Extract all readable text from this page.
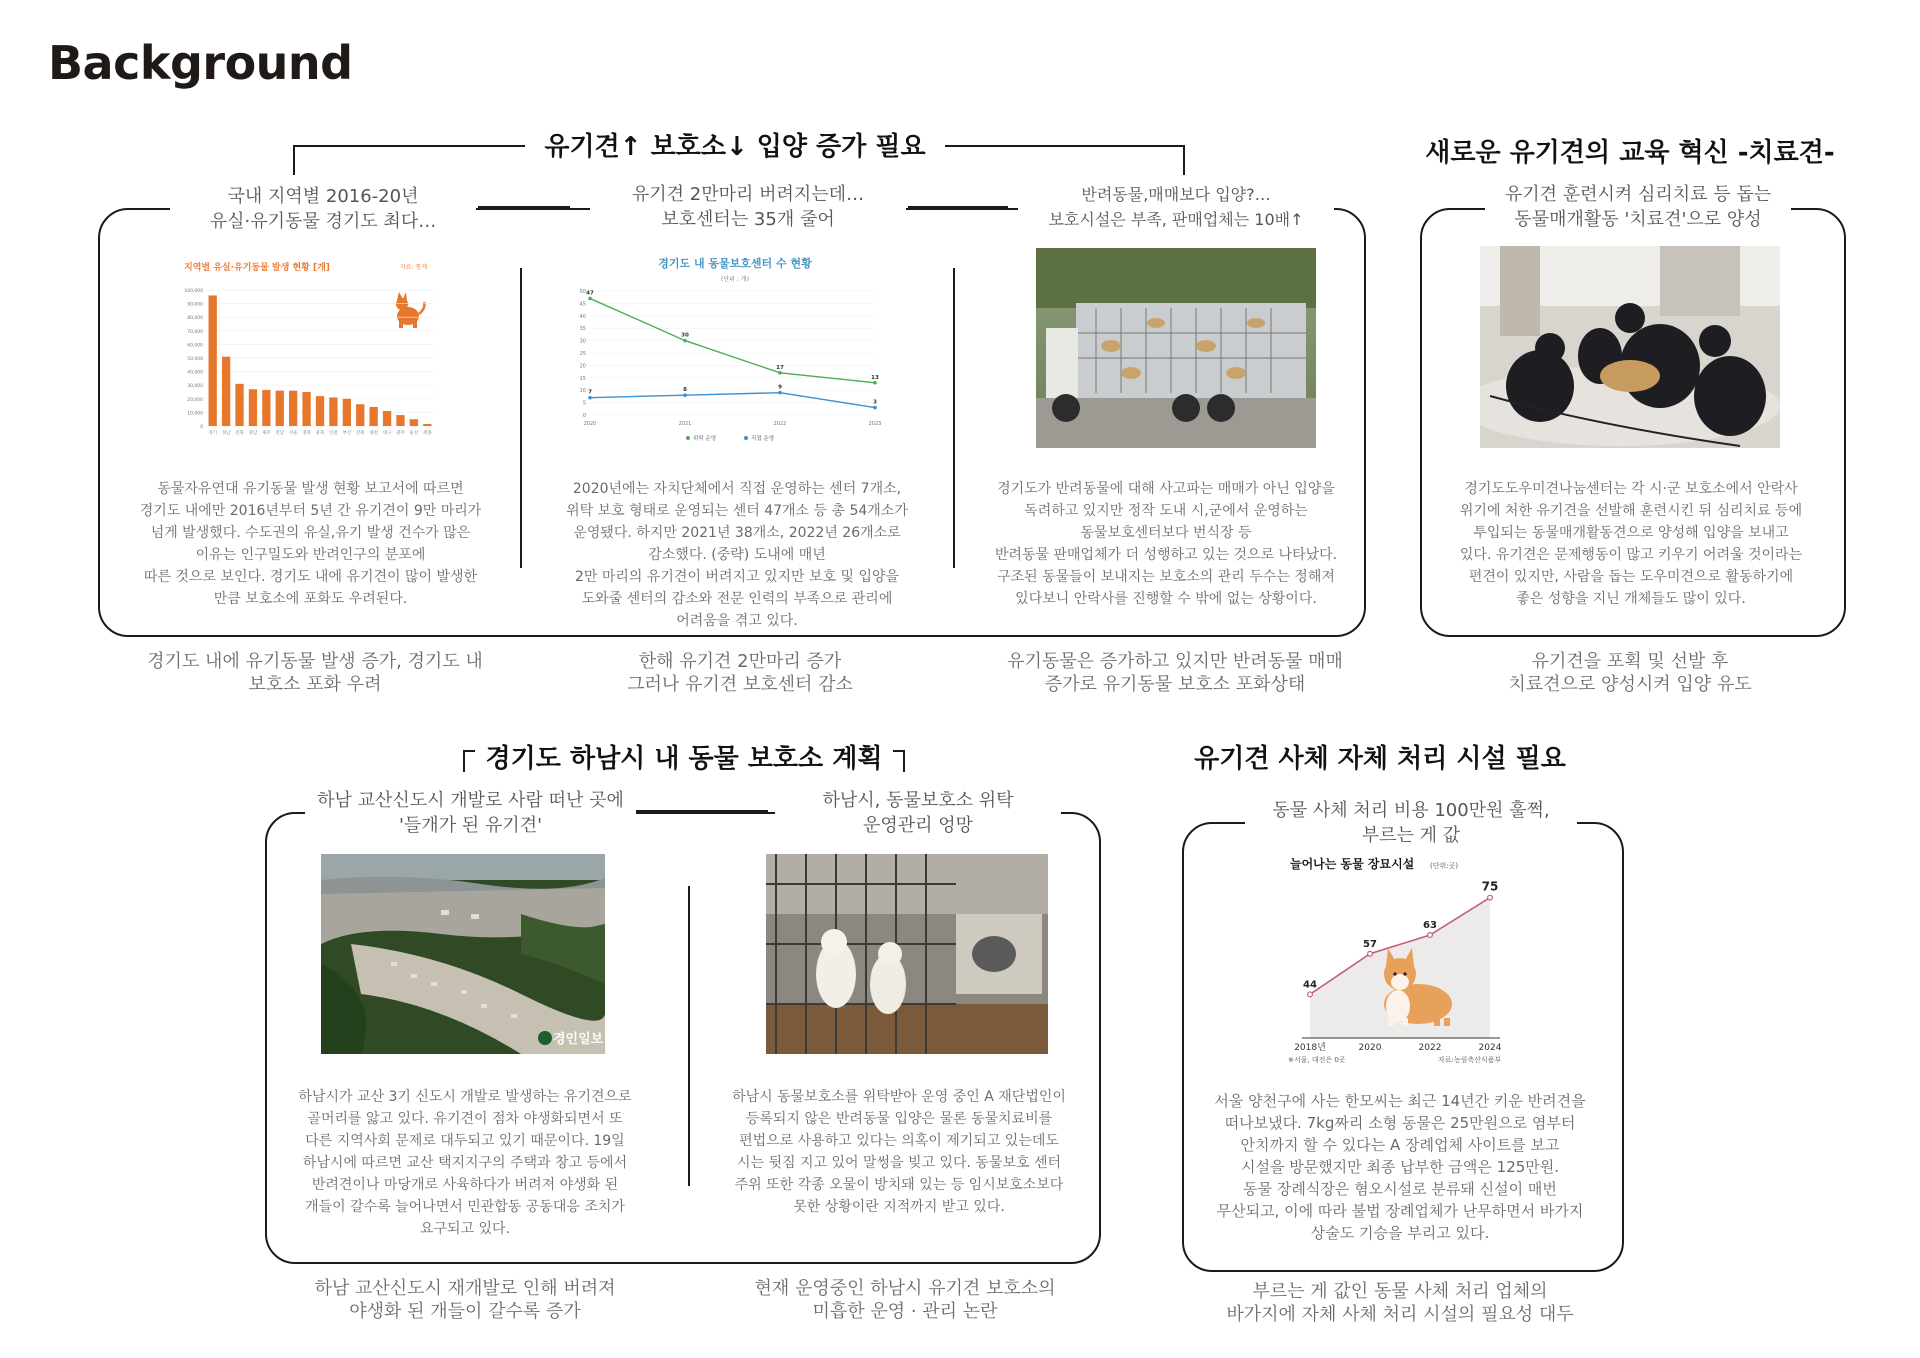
Background
유기견↑ 보호소↓ 입양 증가 필요
국내 지역별 2016-20년
유실·유기동물 경기도 최다…
지역별 유실·유기동물 발생 현황 [개]	자료: 통계
100,000
90,000
80,000
70,000
60,000
50,000
40,000
30,000
20,000
10,000
0
경기 경남 전북 충남 제주 전남 서울 경북 충북 인천 부산 강원 대전 대구 광주 울산 세종
동물자유연대 유기동물 발생 현황 보고서에 따르면
경기도 내에만 2016년부터 5년 간 유기견이 9만 마리가
넘게 발생했다. 수도권의 유실,유기 발생 건수가 많은
이유는 인구밀도와 반려인구의 분포에
따른 것으로 보인다. 경기도 내에 유기견이 많이 발생한
만큼 보호소에 포화도 우려된다.
경기도 내에 유기동물 발생 증가, 경기도 내
보호소 포화 우려
유기견 2만마리 버려지는데…
보호센터는 35개 줄어
경기도 내 동물보호센터 수 현황
(단위 : 개)
50
45
40
35
30
25
20
15
10
5
0
2020	2021	2022	2023
47
30
17
13
위탁 운영
7	8	9
3
직접 운영
2020년에는 자치단체에서 직접 운영하는 센터 7개소,
위탁 보호 형태로 운영되는 센터 47개소 등 총 54개소가
운영됐다. 하지만 2021년 38개소, 2022년 26개소로
감소했다. (중략) 도내에 매년
2만 마리의 유기견이 버려지고 있지만 보호 및 입양을
도와줄 센터의 감소와 전문 인력의 부족으로 관리에
어려움을 겪고 있다.
한해 유기견 2만마리 증가
그러나 유기견 보호센터 감소
반려동물,매매보다 입양?…
보호시설은 부족, 판매업체는 10배↑
경기도가 반려동물에 대해 사고파는 매매가 아닌 입양을
독려하고 있지만 정작 도내 시,군에서 운영하는
동물보호센터보다 번식장 등
반려동물 판매업체가 더 성행하고 있는 것으로 나타났다.
구조된 동물들이 보내지는 보호소의 관리 두수는 정해져
있다보니 안락사를 진행할 수 밖에 없는 상황이다.
유기동물은 증가하고 있지만 반려동물 매매
증가로 유기동물 보호소 포화상태
새로운 유기견의 교육 혁신 -치료견-
유기견 훈련시켜 심리치료 등 돕는
동물매개활동 '치료견'으로 양성
경기도도우미견나눔센터는 각 시·군 보호소에서 안락사
위기에 처한 유기견을 선발해 훈련시킨 뒤 심리치료 등에
투입되는 동물매개활동견으로 양성해 입양을 보내고
있다. 유기견은 문제행동이 많고 키우기 어려울 것이라는
편견이 있지만, 사람을 돕는 도우미견으로 활동하기에
좋은 성향을 지닌 개체들도 많이 있다.
유기견을 포획 및 선발 후
치료견으로 양성시켜 입양 유도
경기도 하남시 내 동물 보호소 계획
하남 교산신도시 개발로 사람 떠난 곳에
'들개가 된 유기견'
경인일보
하남시가 교산 3기 신도시 개발로 발생하는 유기견으로
골머리를 앓고 있다. 유기견이 점차 야생화되면서 또
다른 지역사회 문제로 대두되고 있기 때문이다. 19일
하남시에 따르면 교산 택지지구의 주택과 창고 등에서
반려견이나 마당개로 사육하다가 버려져 야생화 된
개들이 갈수록 늘어나면서 민관합동 공동대응 조치가
요구되고 있다.
하남 교산신도시 재개발로 인해 버려져
야생화 된 개들이 갈수록 증가
하남시, 동물보호소 위탁
운영관리 엉망
하남시 동물보호소를 위탁받아 운영 중인 A 재단법인이
등록되지 않은 반려동물 입양은 물론 동물치료비를
편법으로 사용하고 있다는 의혹이 제기되고 있는데도
시는 뒷짐 지고 있어 말썽을 빚고 있다. 동물보호 센터
주위 또한 각종 오물이 방치돼 있는 등 임시보호소보다
못한 상황이란 지적까지 받고 있다.
현재 운영중인 하남시 유기견 보호소의
미흡한 운영 · 관리 논란
유기견 사체 자체 처리 시설 필요
동물 사체 처리 비용 100만원 훌쩍,
부르는 게 값
늘어나는 동물 장묘시설 (단위:곳)
44
2018년
57
2020
63
2022
75
2024
※서울, 대전은 0곳	자료:농림축산식품부
서울 양천구에 사는 한모씨는 최근 14년간 키운 반려견을
떠나보냈다. 7kg짜리 소형 동물은 25만원으로 염부터
안치까지 할 수 있다는 A 장례업체 사이트를 보고
시설을 방문했지만 최종 납부한 금액은 125만원.
동물 장례식장은 혐오시설로 분류돼 신설이 매번
무산되고, 이에 따라 불법 장례업체가 난무하면서 바가지
상술도 기승을 부리고 있다.
부르는 게 값인 동물 사체 처리 업체의
바가지에 자체 사체 처리 시설의 필요성 대두
